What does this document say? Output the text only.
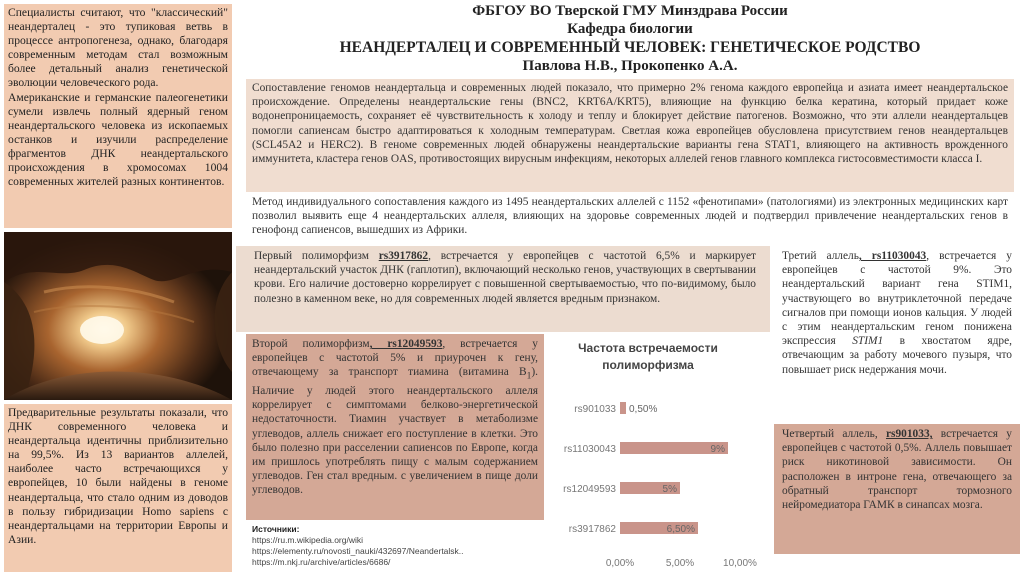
Специалисты считают, что "классический" неандерталец - это тупиковая ветвь в процессе антропогенеза, однако, благодаря современным методам стал возможным более детальный анализ генетической эволюции человеческого рода.

Американские и германские палеогенетики сумели извлечь полный ядерный геном неандертальского человека из ископаемых останков и изучили распределение фрагментов ДНК неандертальского происхождения в хромосомах 1004 современных жителей разных континентов.

Предварительные результаты показали, что ДНК современного человека и неандертальца идентичны приблизительно на 99,5%. Из 13 вариантов аллелей, наиболее часто встречающихся у европейцев, 10 были найдены в геноме неандертальца, что стало одним из доводов в пользу гибридизации Homo sapiens с неандертальцами на территории Европы и Азии.

ФБГОУ ВО Тверской ГМУ Минздрава России
Кафедра биологии
НЕАНДЕРТАЛЕЦ И СОВРЕМЕННЫЙ ЧЕЛОВЕК: ГЕНЕТИЧЕСКОЕ РОДСТВО
Павлова Н.В., Прокопенко А.А.

Сопоставление геномов неандертальца и современных людей показало, что примерно 2% генома каждого европейца и азиата имеет неандертальское происхождение. Определены неандертальские гены (BNC2, KRT6A/KRT5), влияющие на функцию белка кератина, который придает коже водонепроницаемость, сохраняет её чувствительность к холоду и теплу и блокирует действие патогенов. Возможно, что эти аллели неандертальцев помогли сапиенсам быстро адаптироваться к холодным температурам. Светлая кожа европейцев обусловлена присутствием генов неандертальцев (SCL45A2 и HERC2). В геноме современных людей обнаружены неандертальские варианты гена STAT1, влияющего на активность врожденного иммунитета, кластера генов OAS, противостоящих вирусным инфекциям, некоторых аллелей генов главного комплекса гистосовместимости класса I.

Метод индивидуального сопоставления каждого из 1495 неандертальских аллелей с 1152 «фенотипами» (патологиями) из электронных медицинских карт позволил выявить еще 4 неандертальских аллеля, влияющих на здоровье современных людей и подтвердил привлечение неандертальских генов в генофонд сапиенсов, вышедших из Африки.

Первый полиморфизм rs3917862, встречается у европейцев с частотой 6,5% и маркирует неандертальский участок ДНК (гаплотип), включающий несколько генов, участвующих в свертывании крови. Его наличие достоверно коррелирует с повышенной свертываемостью, что по-видимому, было полезно в каменном веке, но для современных людей является вредным признаком.

Второй полиморфизм, rs12049593, встречается у европейцев с частотой 5% и приурочен к гену, отвечающему за транспорт тиамина (витамина $B_1$). Наличие у людей этого неандертальского аллеля коррелирует с симптомами белково-энергетической недостаточности. Тиамин участвует в метаболизме углеводов, аллель снижает его поступление в клетки. Это было полезно при расселении сапиенсов по Европе, когда им пришлось употреблять пищу с малым содержанием углеводов. Ген стал вредным. с увеличением в пище доли углеводов.

Источники:
https://ru.m.wikipedia.org/wiki
https://elementy.ru/novosti_nauki/432697/Neandertalsk..
https://m.nkj.ru/archive/articles/6686/
Частота встречаемости
полиморфизма
rs901033 0,50%
rs11030043	9%
rs12049593	5%
rs3917862	6,50%
0,00%	5,00%	10,00%

Третий аллель, rs11030043, встречается у европейцев с частотой 9%. Это неандертальский вариант гена STIM1, участвующего во внутриклеточной передаче сигналов при помощи ионов кальция. У людей с этим неандертальским геном понижена экспрессия STIM1 в хвостатом ядре, отвечающим за работу мочевого пузыря, что повышает риск недержания мочи.

Четвертый аллель, rs901033, встречается у европейцев с частотой 0,5%. Аллель повышает риск никотиновой зависимости. Он расположен в интроне гена, отвечающего за обратный транспорт тормозного нейромедиатора ГАМК в синапсах мозга.
